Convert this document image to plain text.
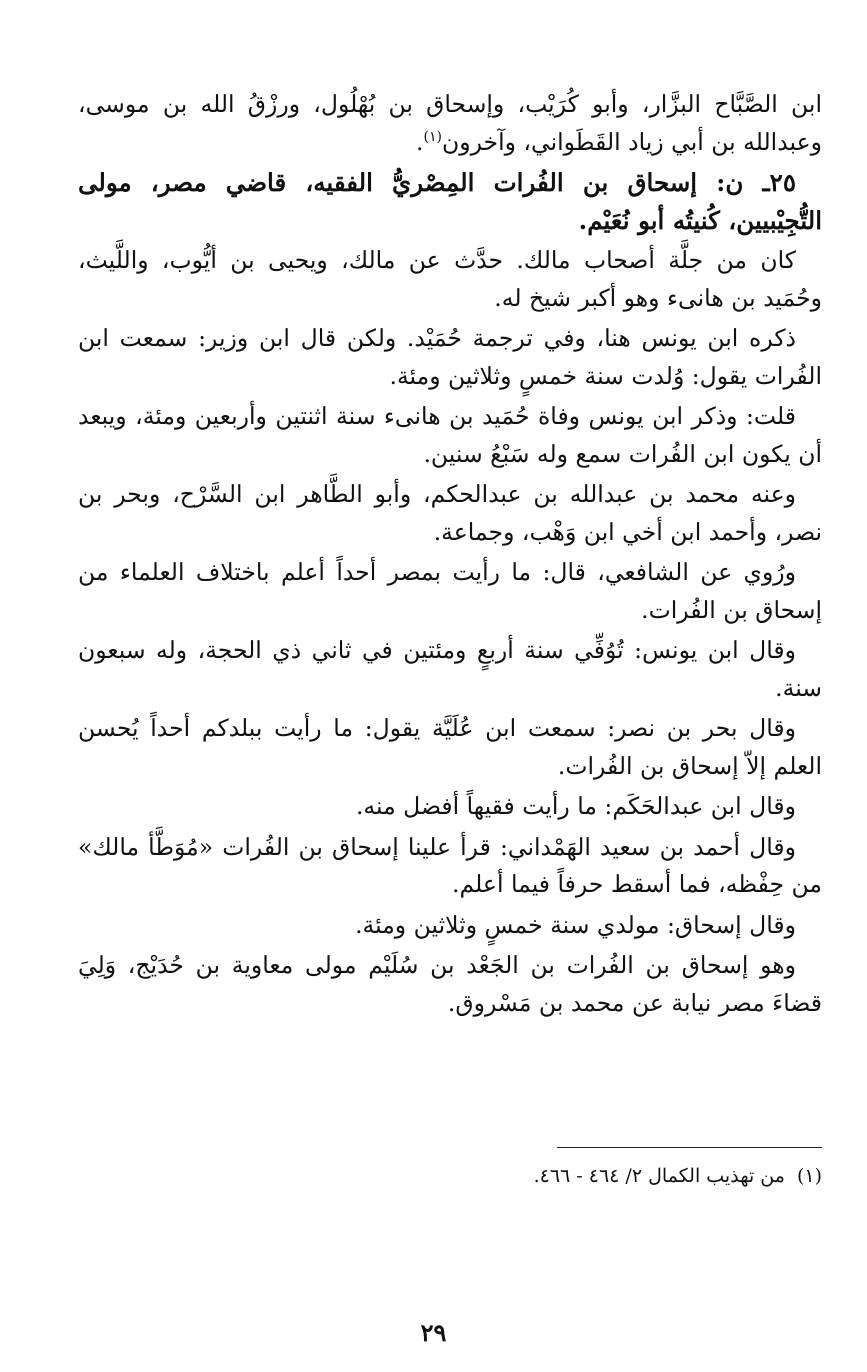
ابن الصَّبَّاح البزَّار، وأبو كُرَيْب، وإسحاق بن بُهْلُول، ورزْقُ الله بن موسى، وعبدالله بن أبي زياد القَطَواني، وآخرون$^{(١)}$.

٢٥ـ ن: إسحاق بن الفُرات المِصْريُّ الفقيه، قاضي مصر، مولى التُّجِيْبيين، كُنيتُه أبو نُعَيْم.

كان من جلَّة أصحاب مالك. حدَّث عن مالك، ويحيى بن أيُّوب، واللَّيث، وحُمَيد بن هانىء وهو أكبر شيخ له.

ذكره ابن يونس هنا، وفي ترجمة حُمَيْد. ولكن قال ابن وزير: سمعت ابن الفُرات يقول: وُلدت سنة خمسٍ وثلاثين ومئة.

قلت: وذكر ابن يونس وفاة حُمَيد بن هانىء سنة اثنتين وأربعين ومئة، ويبعد أن يكون ابن الفُرات سمع وله سَبْعُ سنين.

وعنه محمد بن عبدالله بن عبدالحكم، وأبو الطَّاهر ابن السَّرْح، وبحر بن نصر، وأحمد ابن أخي ابن وَهْب، وجماعة.

ورُوي عن الشافعي، قال: ما رأيت بمصر أحداً أعلم باختلاف العلماء من إسحاق بن الفُرات.

وقال ابن يونس: تُوُفِّي سنة أربعٍ ومئتين في ثاني ذي الحجة، وله سبعون سنة.

وقال بحر بن نصر: سمعت ابن عُلَيَّة يقول: ما رأيت ببلدكم أحداً يُحسن العلم إلاّ إسحاق بن الفُرات.

وقال ابن عبدالحَكَم: ما رأيت فقيهاً أفضل منه.

وقال أحمد بن سعيد الهَمْداني: قرأ علينا إسحاق بن الفُرات «مُوَطَّأ مالك» من حِفْظه، فما أسقط حرفاً فيما أعلم.

وقال إسحاق: مولدي سنة خمسٍ وثلاثين ومئة.

وهو إسحاق بن الفُرات بن الجَعْد بن سُلَيْم مولى معاوية بن حُدَيْج، وَلِيَ قضاءَ مصر نيابة عن محمد بن مَسْروق.

(١)من تهذيب الكمال ٢/ ٤٦٤ - ٤٦٦.
٢٩
